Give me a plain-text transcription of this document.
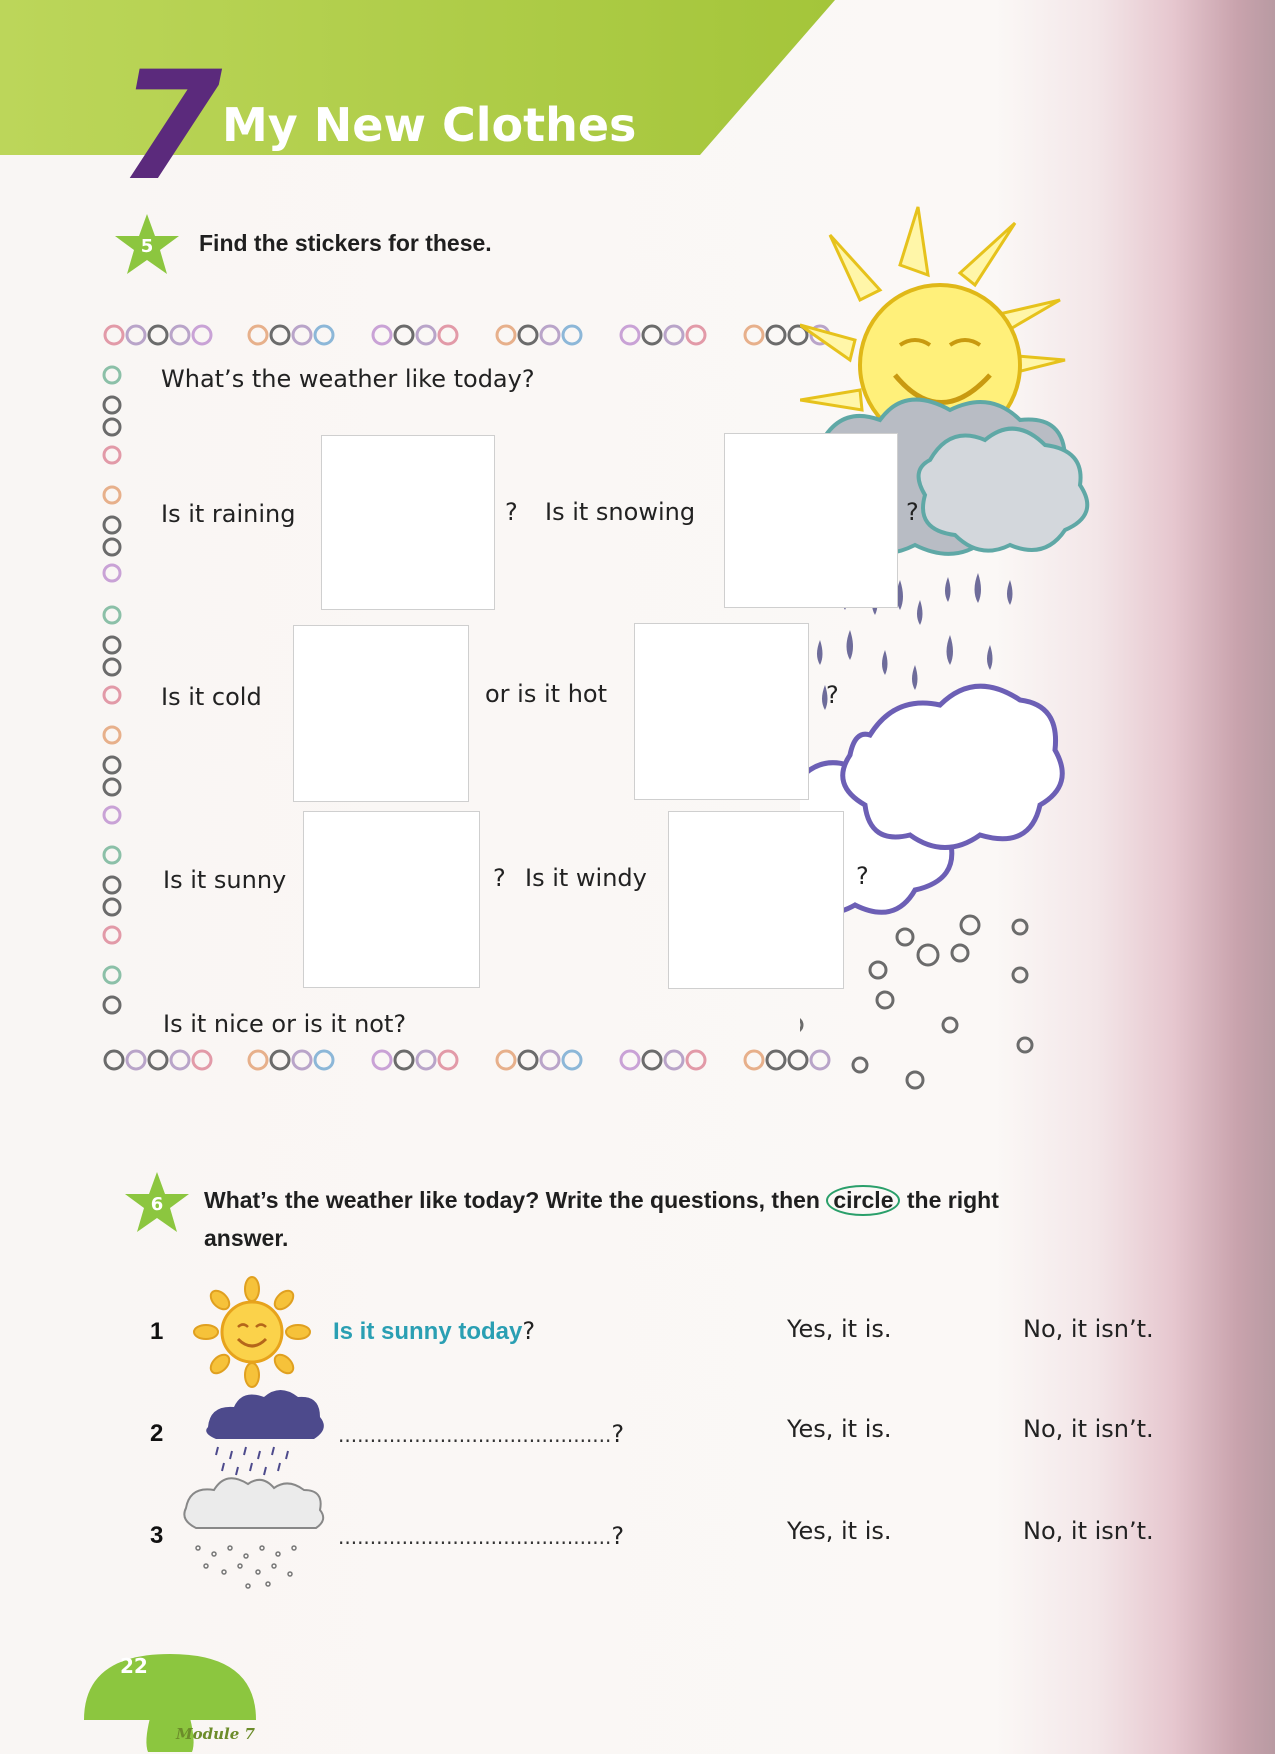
7 My New Clothes
5	Find the stickers for these.
What’s the weather like today?
Is it raining	? Is it snowing	?
Is it cold	or is it hot	?
Is it sunny	? Is it windy	?
Is it nice or is it not?
6	What’s the weather like today? Write the questions, then circle the right
answer.
1	Is it sunny today?	Yes, it is.	No, it isn’t.
2	...........................................?	Yes, it is.	No, it isn’t.
3	...........................................?	Yes, it is.	No, it isn’t.
22
Module 7
